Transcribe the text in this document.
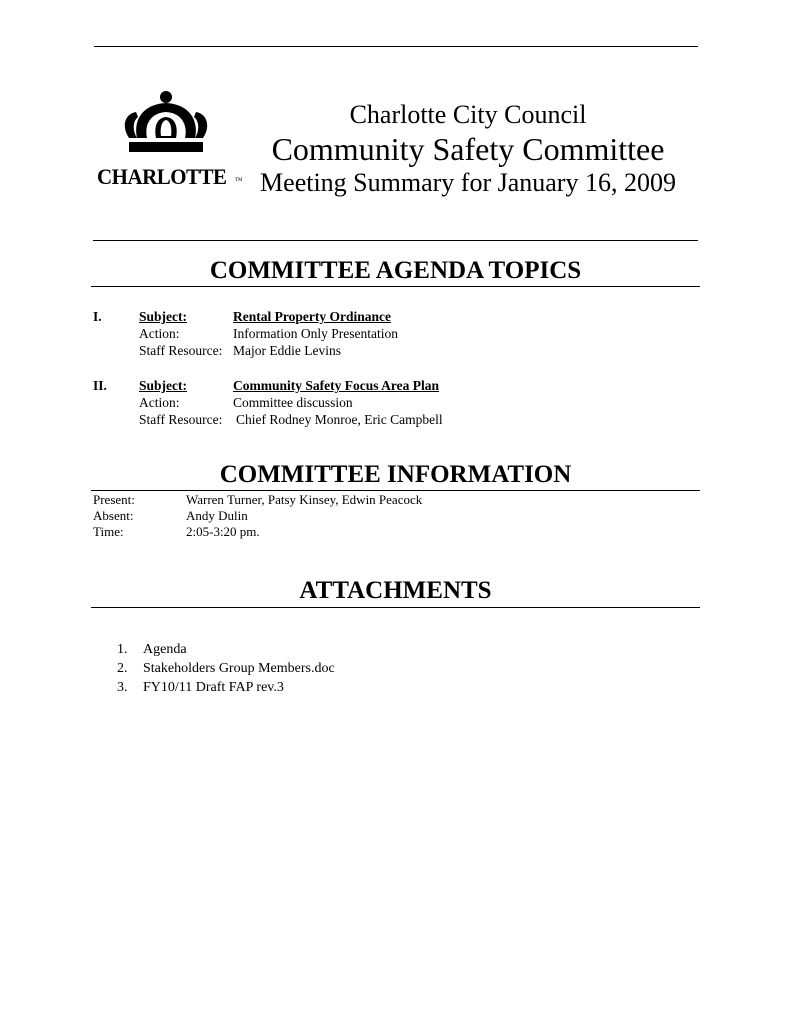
CHARLOTTE TM
Charlotte City Council
Community Safety Committee
Meeting Summary for January 16, 2009
COMMITTEE AGENDA TOPICS
I.	Subject:	Rental Property Ordinance
Action:	Information Only Presentation
Staff Resource: Major Eddie Levins
II. Subject:	Community Safety Focus Area Plan
Action:	Committee discussion
Staff Resource: Chief Rodney Monroe, Eric Campbell
COMMITTEE INFORMATION
Present:	Warren Turner, Patsy Kinsey, Edwin Peacock
Absent:	Andy Dulin
Time:	2:05-3:20 pm.
ATTACHMENTS
1. Agenda
2. Stakeholders Group Members.doc
3. FY10/11 Draft FAP rev.3
